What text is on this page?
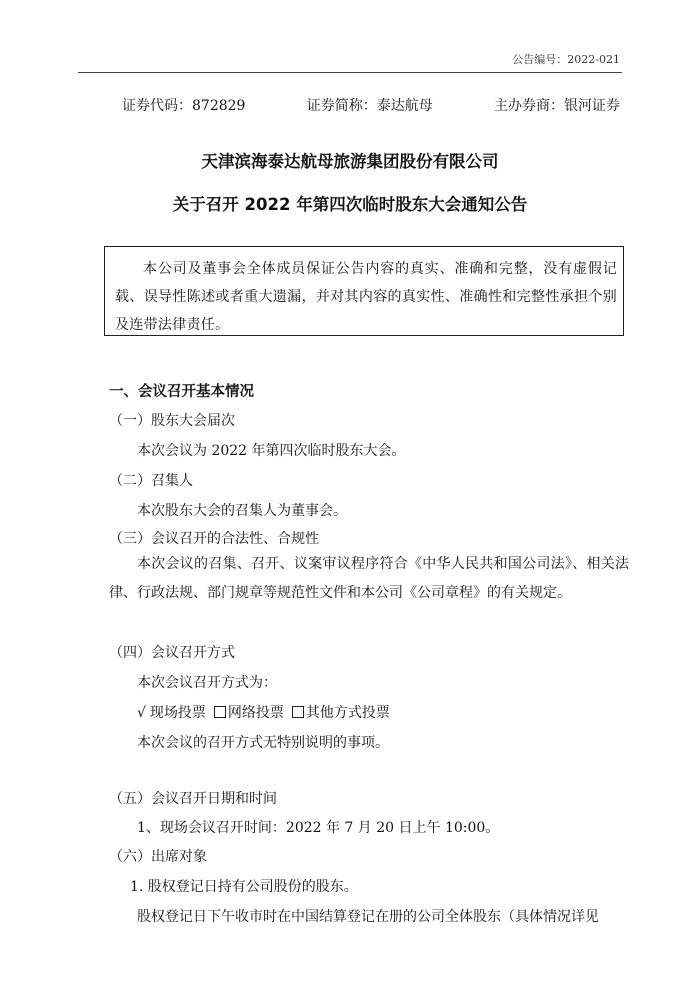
公告编号：2022-021
证券代码：872829	证券简称：泰达航母	主办券商：银河证券
天津滨海泰达航母旅游集团股份有限公司
关于召开 2022 年第四次临时股东大会通知公告

本公司及董事会全体成员保证公告内容的真实、准确和完整，没有虚假记载、误导性陈述或者重大遗漏，并对其内容的真实性、准确性和完整性承担个别及连带法律责任。

一、会议召开基本情况
（一）股东大会届次
本次会议为 2022 年第四次临时股东大会。
（二）召集人
本次股东大会的召集人为董事会。
（三）会议召开的合法性、合规性
本次会议的召集、召开、议案审议程序符合《中华人民共和国公司法》、相关法律、行政法规、部门规章等规范性文件和本公司《公司章程》的有关规定。
（四）会议召开方式
本次会议召开方式为：
√ 现场投票 网络投票 其他方式投票
本次会议的召开方式无特别说明的事项。
（五）会议召开日期和时间
1、现场会议召开时间：2022 年 7 月 20 日上午 10:00。
（六）出席对象
1. 股权登记日持有公司股份的股东。
股权登记日下午收市时在中国结算登记在册的公司全体股东（具体情况详见
